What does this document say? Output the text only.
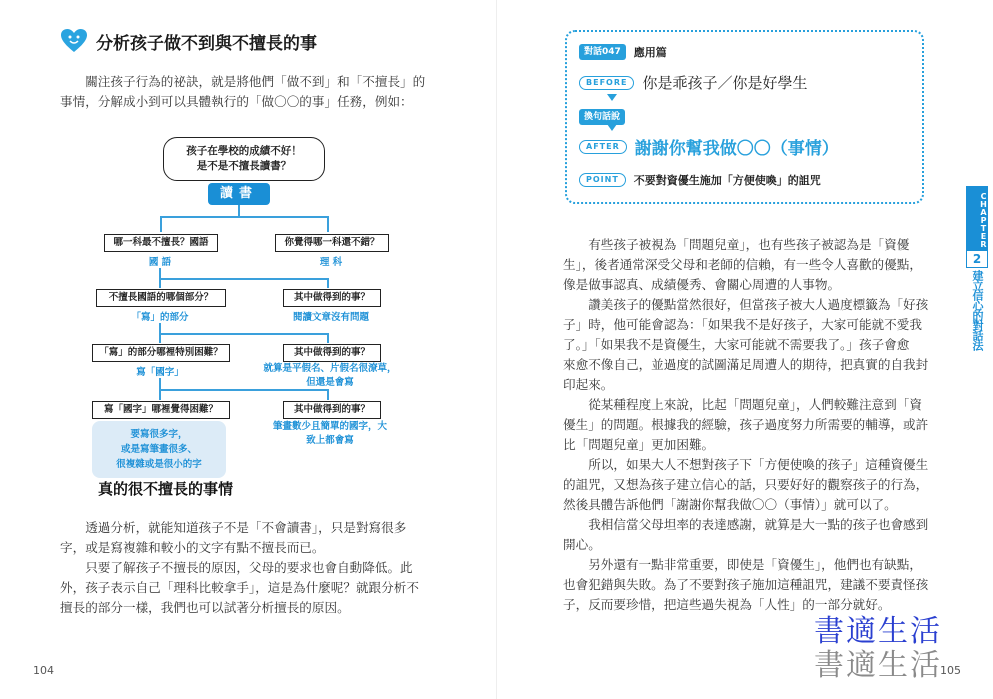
分析孩子做不到與不擅長的事
關注孩子行為的祕訣，就是將他們「做不到」和「不擅長」的
事情，分解成小到可以具體執行的「做〇〇的事」任務，例如：
孩子在學校的成績不好！
是不是不擅長讀書？
讀書
哪一科最不擅長？國語
國 語
不擅長國語的哪個部分？
「寫」的部分
「寫」的部分哪裡特別困難？
寫「國字」
寫「國字」哪裡覺得困難？
要寫很多字，
或是寫筆畫很多、
很複雜或是很小的字
你覺得哪一科還不錯？
理 科
其中做得到的事？
閱讀文章沒有問題
其中做得到的事？
就算是平假名、片假名很潦草，但還是會寫
其中做得到的事？
筆畫數少且簡單的國字，大致上都會寫
真的很不擅長的事情
透過分析，就能知道孩子不是「不會讀書」，只是對寫很多
字，或是寫複雜和較小的文字有點不擅長而已。
只要了解孩子不擅長的原因，父母的要求也會自動降低。此
外，孩子表示自己「理科比較拿手」，這是為什麼呢？就跟分析不
擅長的部分一樣，我們也可以試著分析擅長的原因。
104
對話047	應用篇
BEFORE	你是乖孩子／你是好學生
換句話說
AFTER 謝謝你幫我做〇〇（事情）
POINT	不要對資優生施加「方便使喚」的詛咒
CHAPTER
2
建立信心的對話法
有些孩子被視為「問題兒童」，也有些孩子被認為是「資優
生」，後者通常深受父母和老師的信賴，有一些令人喜歡的優點，
像是做事認真、成績優秀、會關心周遭的人事物。
讚美孩子的優點當然很好，但當孩子被大人過度標籤為「好孩
子」時，他可能會認為：「如果我不是好孩子，大家可能就不愛我
了。」「如果我不是資優生，大家可能就不需要我了。」孩子會愈
來愈不像自己，並過度的試圖滿足周遭人的期待，把真實的自我封
印起來。
從某種程度上來說，比起「問題兒童」，人們較難注意到「資
優生」的問題。根據我的經驗，孩子過度努力所需要的輔導，或許
比「問題兒童」更加困難。
所以，如果大人不想對孩子下「方便使喚的孩子」這種資優生
的詛咒，又想為孩子建立信心的話，只要好好的觀察孩子的行為，
然後具體告訴他們「謝謝你幫我做〇〇（事情）」就可以了。
我相信當父母坦率的表達感謝，就算是大一點的孩子也會感到
開心。
另外還有一點非常重要，即使是「資優生」，他們也有缺點，
也會犯錯與失敗。為了不要對孩子施加這種詛咒，建議不要責怪孩
子，反而要珍惜，把這些過失視為「人性」的一部分就好。
書適生活
書適生活
105
